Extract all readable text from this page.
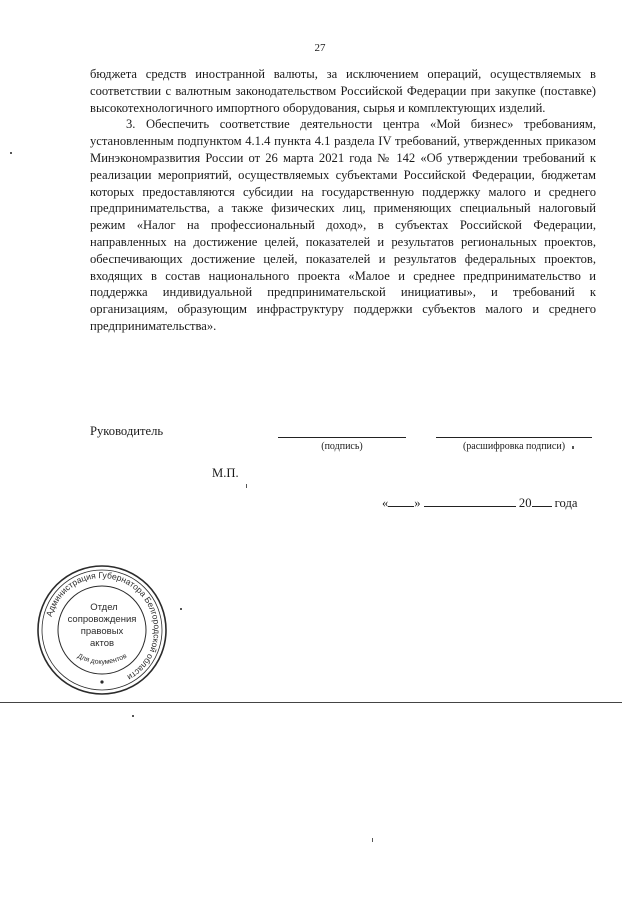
27

бюджета средств иностранной валюты, за исключением операций, осуществляемых в соответствии с валютным законодательством Российской Федерации при закупке (поставке) высокотехнологичного импортного оборудования, сырья и комплектующих изделий.

3. Обеспечить соответствие деятельности центра «Мой бизнес» требованиям, установленным подпунктом 4.1.4 пункта 4.1 раздела IV требований, утвержденных приказом Минэкономразвития России от 26 марта 2021 года № 142 «Об утверждении требований к реализации мероприятий, осуществляемых субъектами Российской Федерации, бюджетам которых предоставляются субсидии на государственную поддержку малого и среднего предпринимательства, а также физических лиц, применяющих специальный налоговый режим «Налог на профессиональный доход», в субъектах Российской Федерации, направленных на достижение целей, показателей и результатов региональных проектов, обеспечивающих достижение целей, показателей и результатов федеральных проектов, входящих в состав национального проекта «Малое и среднее предпринимательство и поддержка индивидуальной предпринимательской инициативы», и требований к организациям, образующим инфраструктуру поддержки субъектов малого и среднего предпринимательства».

Руководитель
(подпись)	(расшифровка подписи)
М.П.
« »	20 года
Администрация Губернатора Белгородской области
Отдел
сопровождения
правовых
актов
Для документов
